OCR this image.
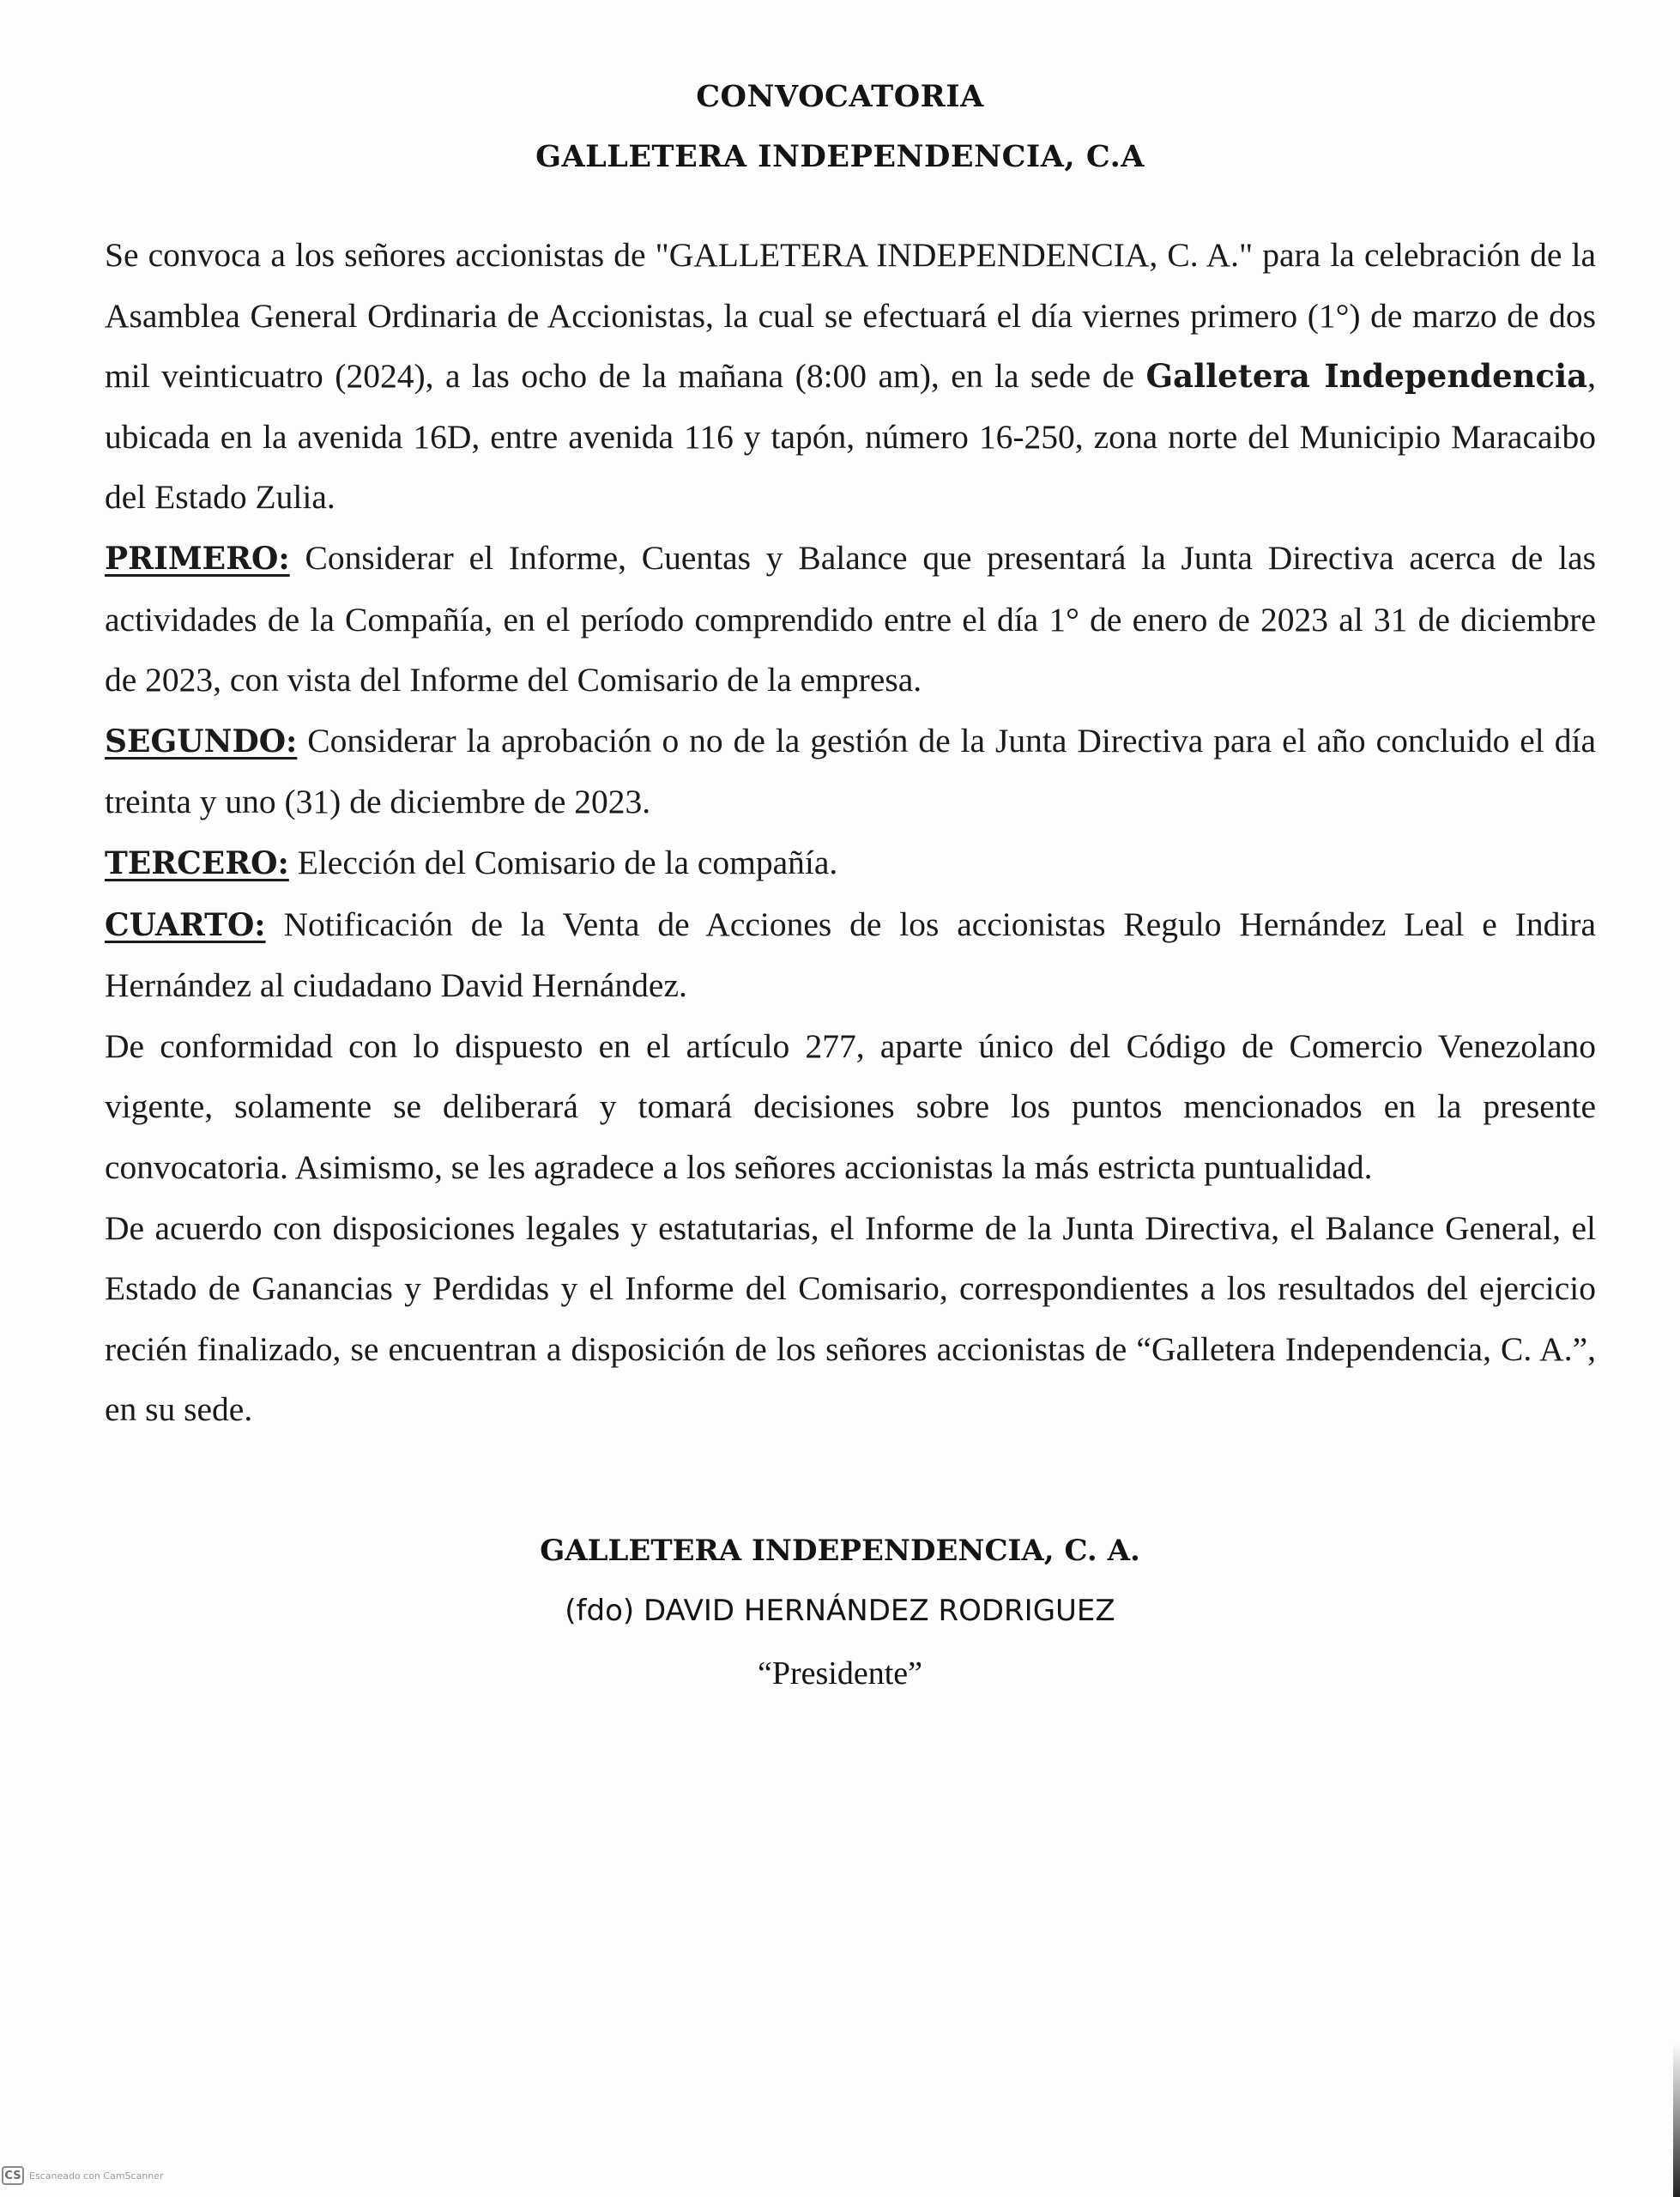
CONVOCATORIA
GALLETERA INDEPENDENCIA, C.A

Se convoca a los señores accionistas de "GALLETERA INDEPENDENCIA, C. A." para la celebración de la Asamblea General Ordinaria de Accionistas, la cual se efectuará el día viernes primero (1°) de marzo de dos mil veinticuatro (2024), a las ocho de la mañana (8:00 am), en la sede de Galletera Independencia, ubicada en la avenida 16D, entre avenida 116 y tapón, número 16-250, zona norte del Municipio Maracaibo del Estado Zulia.

PRIMERO: Considerar el Informe, Cuentas y Balance que presentará la Junta Directiva acerca de las actividades de la Compañía, en el período comprendido entre el día 1° de enero de 2023 al 31 de diciembre de 2023, con vista del Informe del Comisario de la empresa.

SEGUNDO: Considerar la aprobación o no de la gestión de la Junta Directiva para el año concluido el día treinta y uno (31) de diciembre de 2023.

TERCERO: Elección del Comisario de la compañía.

CUARTO: Notificación de la Venta de Acciones de los accionistas Regulo Hernández Leal e Indira Hernández al ciudadano David Hernández.

De conformidad con lo dispuesto en el artículo 277, aparte único del Código de Comercio Venezolano vigente, solamente se deliberará y tomará decisiones sobre los puntos mencionados en la presente convocatoria. Asimismo, se les agradece a los señores accionistas la más estricta puntualidad.

De acuerdo con disposiciones legales y estatutarias, el Informe de la Junta Directiva, el Balance General, el Estado de Ganancias y Perdidas y el Informe del Comisario, correspondientes a los resultados del ejercicio recién finalizado, se encuentran a disposición de los señores accionistas de “Galletera Independencia, C. A.”, en su sede.

GALLETERA INDEPENDENCIA, C. A.
(fdo) DAVID HERNÁNDEZ RODRIGUEZ
“Presidente”
CS Escaneado con CamScanner
